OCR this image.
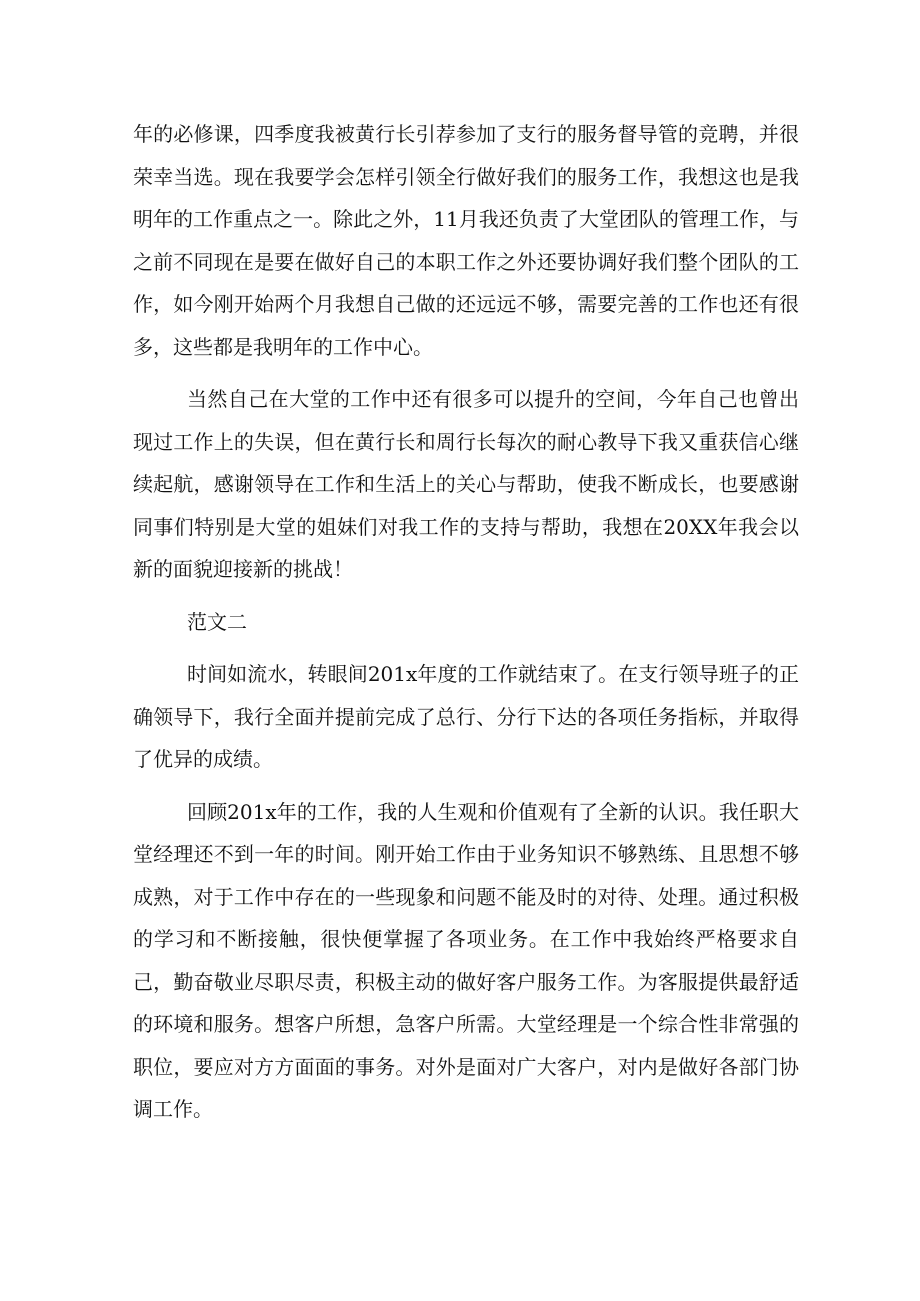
年的必修课，四季度我被黄行长引荐参加了支行的服务督导管的竞聘，并很荣幸当选。现在我要学会怎样引领全行做好我们的服务工作，我想这也是我明年的工作重点之一。除此之外，11月我还负责了大堂团队的管理工作，与之前不同现在是要在做好自己的本职工作之外还要协调好我们整个团队的工作，如今刚开始两个月我想自己做的还远远不够，需要完善的工作也还有很多，这些都是我明年的工作中心。

当然自己在大堂的工作中还有很多可以提升的空间，今年自己也曾出现过工作上的失误，但在黄行长和周行长每次的耐心教导下我又重获信心继续起航，感谢领导在工作和生活上的关心与帮助，使我不断成长，也要感谢同事们特别是大堂的姐妹们对我工作的支持与帮助，我想在20XX年我会以新的面貌迎接新的挑战！

范文二

时间如流水，转眼间201x年度的工作就结束了。在支行领导班子的正确领导下，我行全面并提前完成了总行、分行下达的各项任务指标，并取得了优异的成绩。

回顾201x年的工作，我的人生观和价值观有了全新的认识。我任职大堂经理还不到一年的时间。刚开始工作由于业务知识不够熟练、且思想不够成熟，对于工作中存在的一些现象和问题不能及时的对待、处理。通过积极的学习和不断接触，很快便掌握了各项业务。在工作中我始终严格要求自己，勤奋敬业尽职尽责，积极主动的做好客户服务工作。为客服提供最舒适的环境和服务。想客户所想，急客户所需。大堂经理是一个综合性非常强的职位，要应对方方面面的事务。对外是面对广大客户，对内是做好各部门协调工作。
